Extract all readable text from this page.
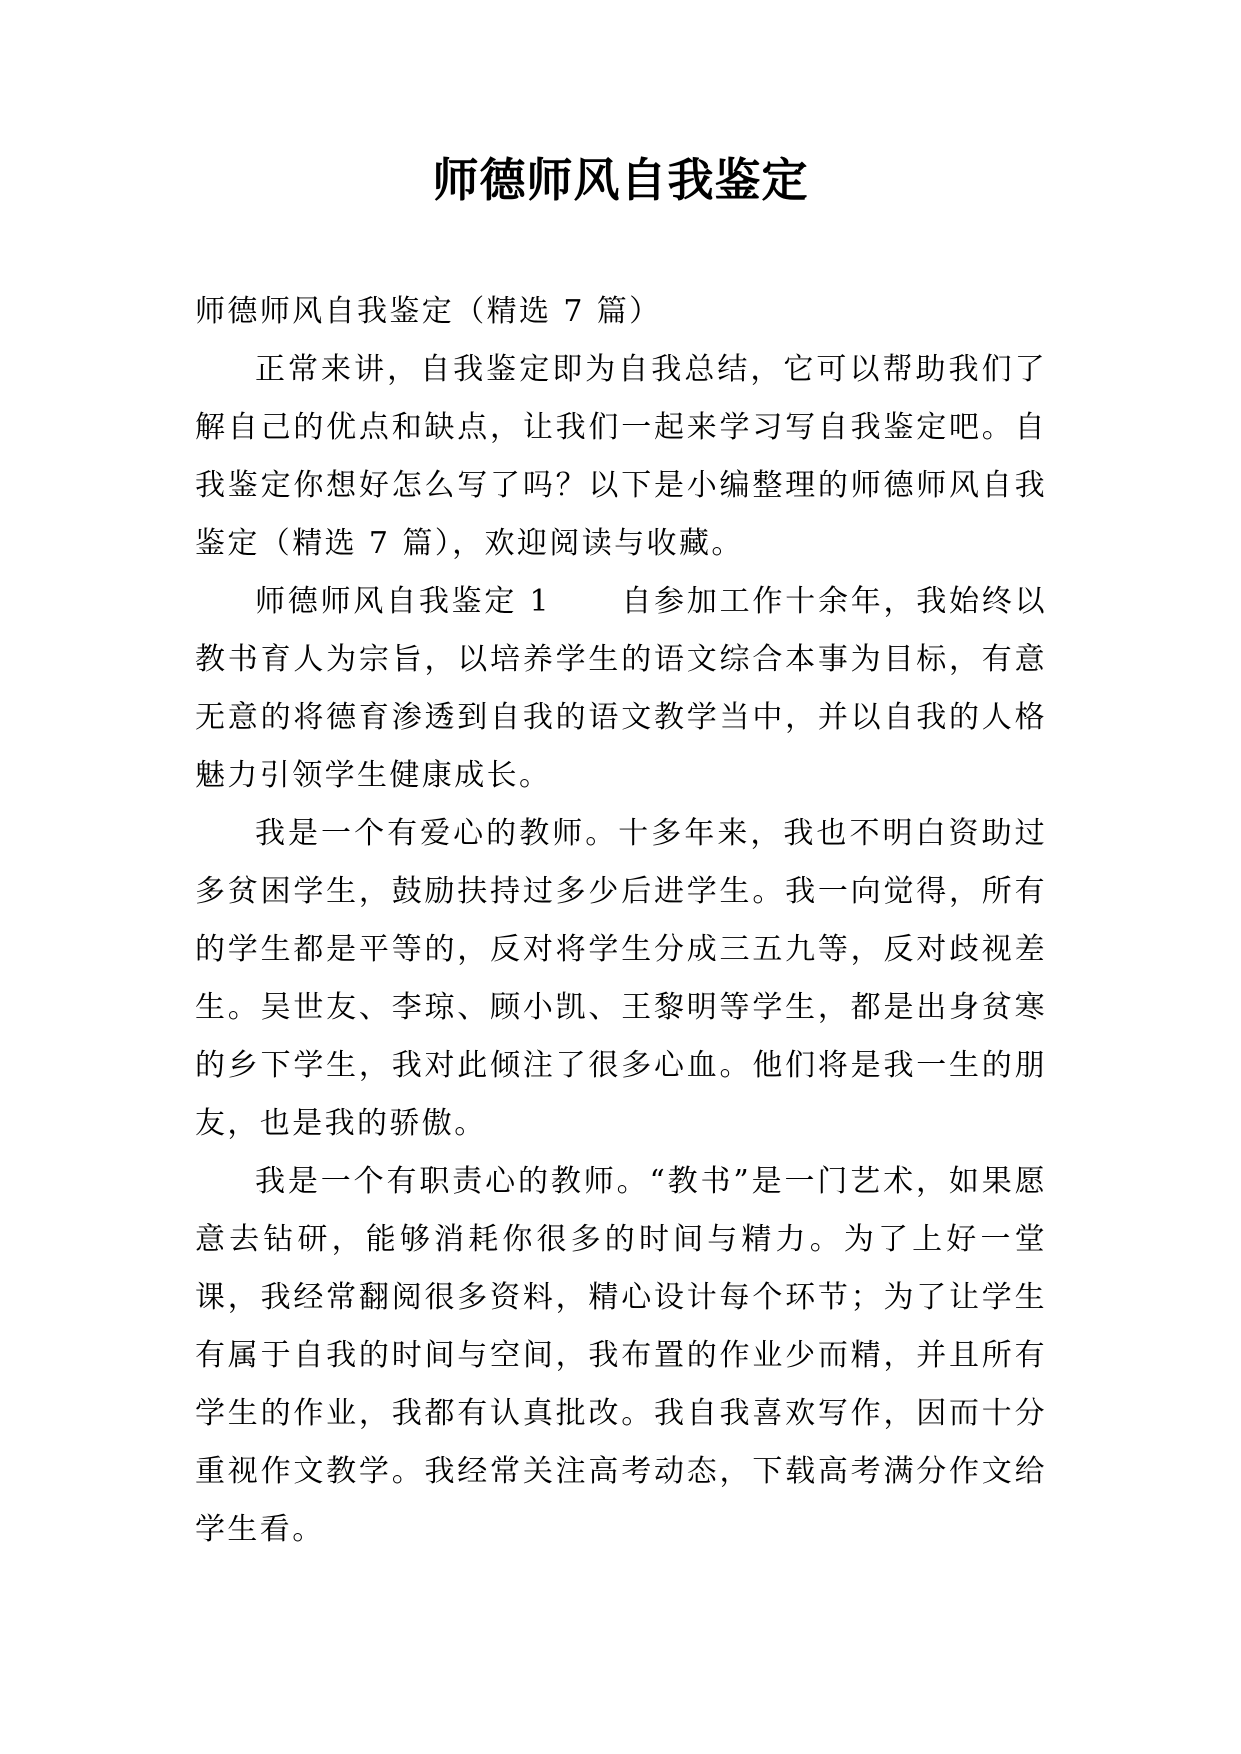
师德师风自我鉴定

师德师风自我鉴定（精选 7 篇）

正常来讲，自我鉴定即为自我总结，它可以帮助我们了解自己的优点和缺点，让我们一起来学习写自我鉴定吧。自我鉴定你想好怎么写了吗？以下是小编整理的师德师风自我鉴定（精选 7 篇），欢迎阅读与收藏。

师德师风自我鉴定 1 自参加工作十余年，我始终以教书育人为宗旨，以培养学生的语文综合本事为目标，有意无意的将德育渗透到自我的语文教学当中，并以自我的人格魅力引领学生健康成长。

我是一个有爱心的教师。十多年来，我也不明白资助过多贫困学生，鼓励扶持过多少后进学生。我一向觉得，所有的学生都是平等的，反对将学生分成三五九等，反对歧视差生。吴世友、李琼、顾小凯、王黎明等学生，都是出身贫寒的乡下学生，我对此倾注了很多心血。他们将是我一生的朋友，也是我的骄傲。

我是一个有职责心的教师。“教书”是一门艺术，如果愿意去钻研，能够消耗你很多的时间与精力。为了上好一堂课，我经常翻阅很多资料，精心设计每个环节；为了让学生有属于自我的时间与空间，我布置的作业少而精，并且所有学生的作业，我都有认真批改。我自我喜欢写作，因而十分重视作文教学。我经常关注高考动态，下载高考满分作文给学生看。
